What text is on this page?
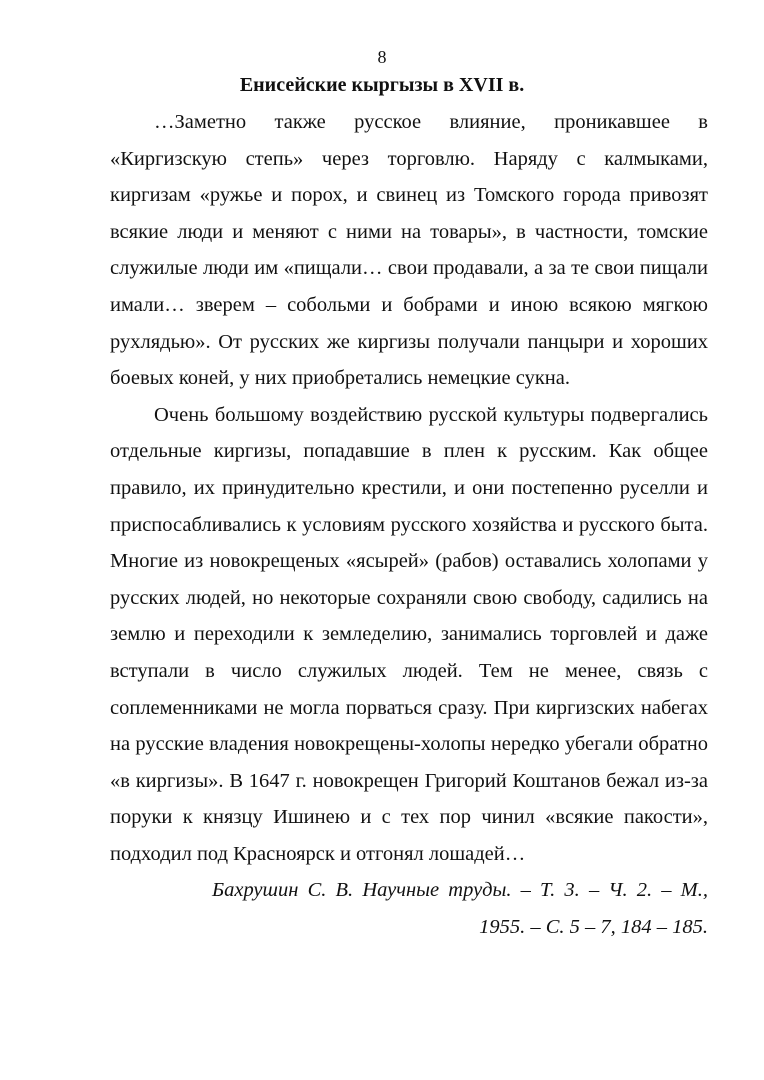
8
Енисейские кыргызы в XVII в.

…Заметно также русское влияние, проникавшее в «Киргизскую степь» через торговлю. Наряду с калмыками, киргизам «ружье и порох, и свинец из Томского города привозят всякие люди и меняют с ними на товары», в частности, томские служилые люди им «пищали… свои продавали, а за те свои пищали имали… зверем – собольми и бобрами и иною всякою мягкою рухлядью». От русских же киргизы получали панцыри и хороших боевых коней, у них приобретались немецкие сукна.

Очень большому воздействию русской культуры подвергались отдельные киргизы, попадавшие в плен к русским. Как общее правило, их принудительно крестили, и они постепенно руселли и приспосабливались к условиям русского хозяйства и русского быта. Многие из новокрещеных «ясырей» (рабов) оставались холопами у русских людей, но некоторые сохраняли свою свободу, садились на землю и переходили к земледелию, занимались торговлей и даже вступали в число служилых людей. Тем не менее, связь с соплеменниками не могла порваться сразу. При киргизских набегах на русские владения новокрещены-холопы нередко убегали обратно «в киргизы». В 1647 г. новокрещен Григорий Коштанов бежал из-за поруки к князцу Ишинею и с тех пор чинил «всякие пакости», подходил под Красноярск и отгонял лошадей…

Бахрушин С. В. Научные труды. – Т. 3. – Ч. 2. – М., 1955. – С. 5 – 7, 184 – 185.
